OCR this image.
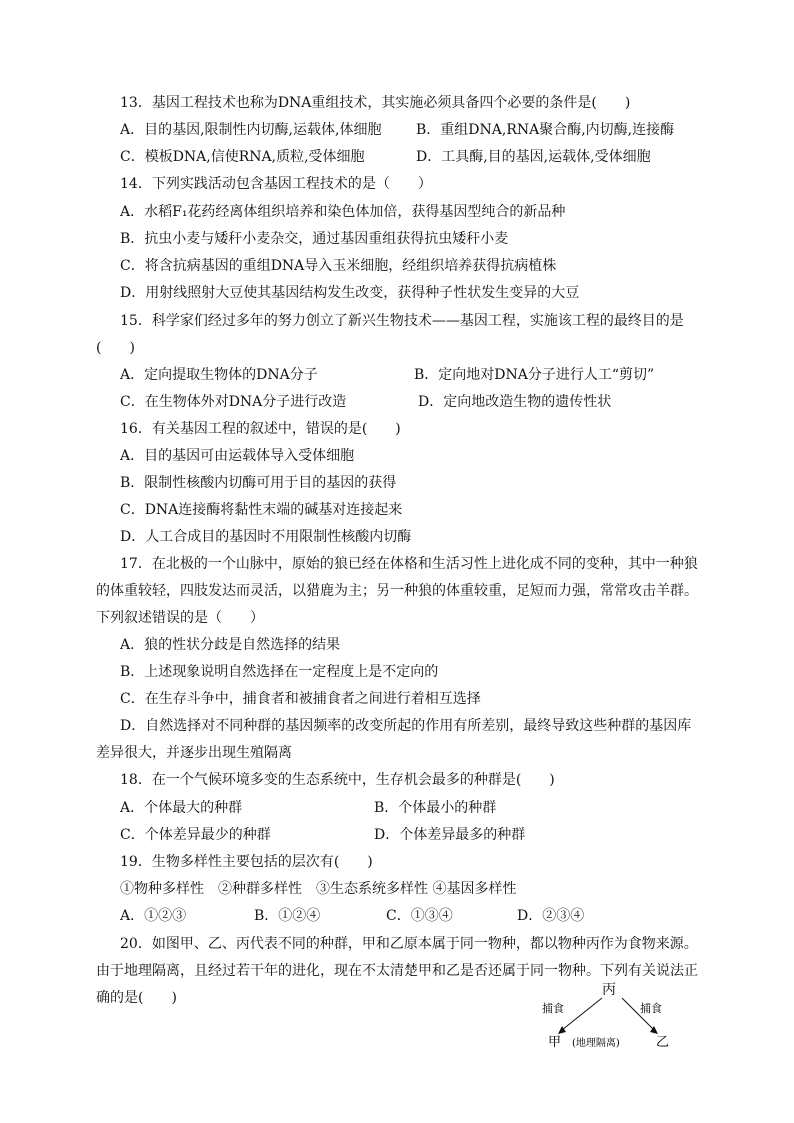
13．基因工程技术也称为DNA重组技术，其实施必须具备四个必要的条件是(　　)
A．目的基因,限制性内切酶,运载体,体细胞 B．重组DNA,RNA聚合酶,内切酶,连接酶
C．模板DNA,信使RNA,质粒,受体细胞	D．工具酶,目的基因,运载体,受体细胞
14．下列实践活动包含基因工程技术的是（　　）
A．水稻F₁花药经离体组织培养和染色体加倍，获得基因型纯合的新品种
B．抗虫小麦与矮秆小麦杂交，通过基因重组获得抗虫矮秆小麦
C．将含抗病基因的重组DNA导入玉米细胞，经组织培养获得抗病植株
D．用射线照射大豆使其基因结构发生改变，获得种子性状发生变异的大豆
15．科学家们经过多年的努力创立了新兴生物技术——基因工程，实施该工程的最终目的是
(　　)
A．定向提取生物体的DNA分子	B．定向地对DNA分子进行人工“剪切”
C．在生物体外对DNA分子进行改造	D．定向地改造生物的遗传性状
16．有关基因工程的叙述中，错误的是(　　)
A．目的基因可由运载体导入受体细胞
B．限制性核酸内切酶可用于目的基因的获得
C．DNA连接酶将黏性末端的碱基对连接起来
D．人工合成目的基因时不用限制性核酸内切酶
17．在北极的一个山脉中，原始的狼已经在体格和生活习性上进化成不同的变种，其中一种狼
的体重较轻，四肢发达而灵活，以猎鹿为主；另一种狼的体重较重，足短而力强，常常攻击羊群。
下列叙述错误的是（　　）
A．狼的性状分歧是自然选择的结果
B．上述现象说明自然选择在一定程度上是不定向的
C．在生存斗争中，捕食者和被捕食者之间进行着相互选择
D．自然选择对不同种群的基因频率的改变所起的作用有所差别，最终导致这些种群的基因库
差异很大，并逐步出现生殖隔离
18．在一个气候环境多变的生态系统中，生存机会最多的种群是(　　)
A．个体最大的种群	B．个体最小的种群
C．个体差异最少的种群	D．个体差异最多的种群
19．生物多样性主要包括的层次有(　　)
①物种多样性　②种群多样性　③生态系统多样性 ④基因多样性
A．①②③	B．①②④	C．①③④	D．②③④
20．如图甲、乙、丙代表不同的种群，甲和乙原本属于同一物种，都以物种丙作为食物来源。
由于地理隔离，且经过若干年的进化，现在不太清楚甲和乙是否还属于同一物种。下列有关说法正
确的是(　　)	丙
捕食	捕食
甲 (地理隔离)	乙
